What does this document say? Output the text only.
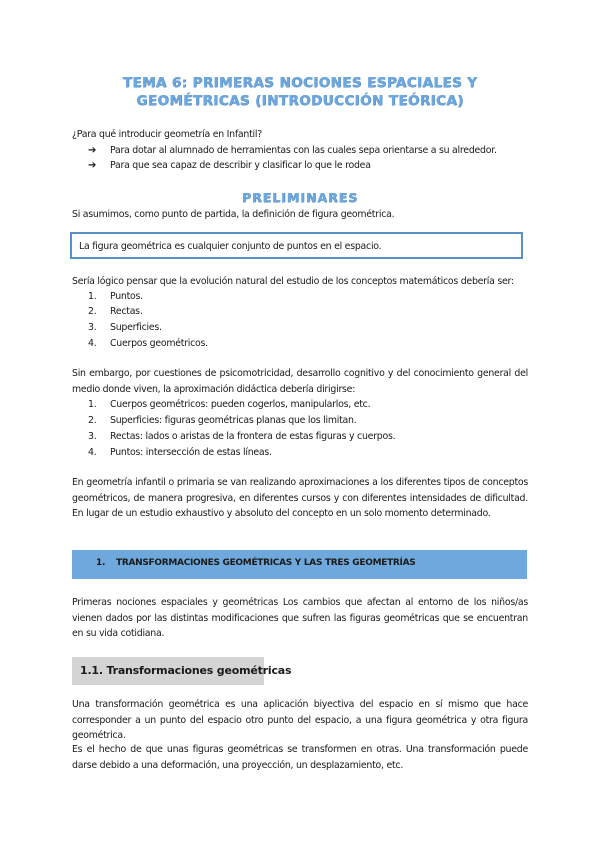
TEMA 6: PRIMERAS NOCIONES ESPACIALES Y
GEOMÉTRICAS (INTRODUCCIÓN TEÓRICA)
¿Para qué introducir geometría en Infantil?
➔ Para dotar al alumnado de herramientas con las cuales sepa orientarse a su alrededor.
➔ Para que sea capaz de describir y clasificar lo que le rodea
PRELIMINARES
Si asumimos, como punto de partida, la definición de figura geométrica.
La figura geométrica es cualquier conjunto de puntos en el espacio.
Sería lógico pensar que la evolución natural del estudio de los conceptos matemáticos debería ser:
1. Puntos.
2. Rectas.
3. Superficies.
4. Cuerpos geométricos.
Sin embargo, por cuestiones de psicomotricidad, desarrollo cognitivo y del conocimiento general del
medio donde viven, la aproximación didáctica debería dirigirse:
1. Cuerpos geométricos: pueden cogerlos, manipularlos, etc.
2. Superficies: figuras geométricas planas que los limitan.
3. Rectas: lados o aristas de la frontera de estas figuras y cuerpos.
4. Puntos: intersección de estas líneas.
En geometría infantil o primaria se van realizando aproximaciones a los diferentes tipos de conceptos
geométricos, de manera progresiva, en diferentes cursos y con diferentes intensidades de dificultad.
En lugar de un estudio exhaustivo y absoluto del concepto en un solo momento determinado.
1. TRANSFORMACIONES GEOMÉTRICAS Y LAS TRES GEOMETRÍAS
Primeras nociones espaciales y geométricas Los cambios que afectan al entorno de los niños/as
vienen dados por las distintas modificaciones que sufren las figuras geométricas que se encuentran
en su vida cotidiana.
1.1. Transformaciones geométricas
Una transformación geométrica es una aplicación biyectiva del espacio en sí mismo que hace
corresponder a un punto del espacio otro punto del espacio, a una figura geométrica y otra figura
geométrica.
Es el hecho de que unas figuras geométricas se transformen en otras. Una transformación puede
darse debido a una deformación, una proyección, un desplazamiento, etc.
